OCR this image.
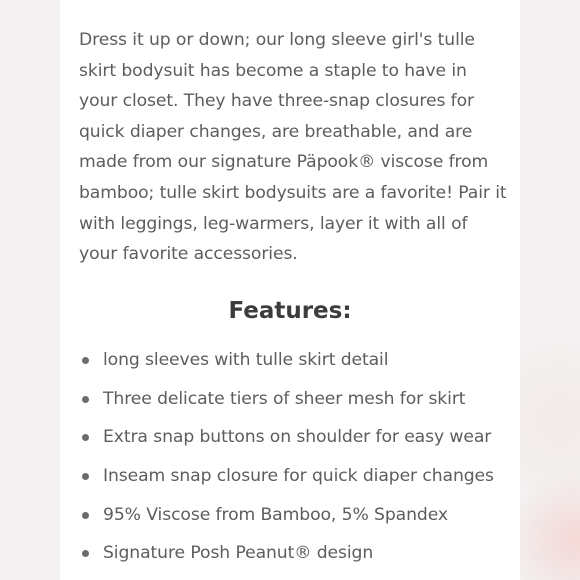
Dress it up or down; our long sleeve girl's tulle
skirt bodysuit has become a staple to have in
your closet. They have three-snap closures for
quick diaper changes, are breathable, and are
made from our signature Päpook® viscose from
bamboo; tulle skirt bodysuits are a favorite! Pair it
with leggings, leg-warmers, layer it with all of
your favorite accessories.

Features:
long sleeves with tulle skirt detail
Three delicate tiers of sheer mesh for skirt
Extra snap buttons on shoulder for easy wear
Inseam snap closure for quick diaper changes
95% Viscose from Bamboo, 5% Spandex
Signature Posh Peanut® design
